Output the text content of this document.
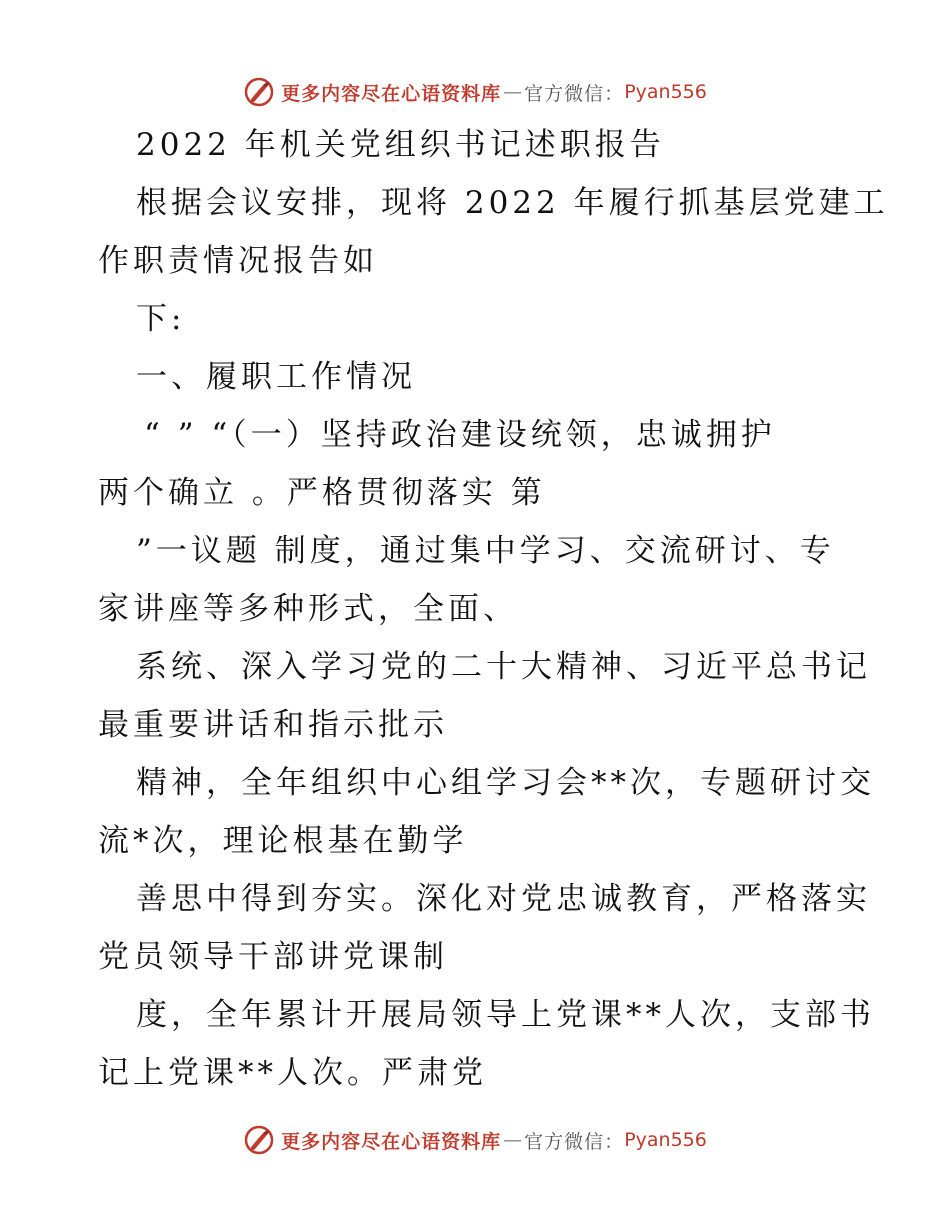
更多内容尽在心语资料库 — 官方微信： Pyan556
2022 年机关党组织书记述职报告
根据会议安排，现将 2022 年履行抓基层党建工
作职责情况报告如
下:
一、履职工作情况
“ ” “（一）坚持政治建设统领，忠诚拥护
两个确立 。严格贯彻落实 第
”一议题 制度，通过集中学习、交流研讨、专
家讲座等多种形式，全面、
系统、深入学习党的二十大精神、习近平总书记
最重要讲话和指示批示
精神，全年组织中心组学习会**次，专题研讨交
流*次，理论根基在勤学
善思中得到夯实。深化对党忠诚教育，严格落实
党员领导干部讲党课制
度，全年累计开展局领导上党课**人次，支部书
记上党课**人次。严肃党
更多内容尽在心语资料库 — 官方微信： Pyan556
